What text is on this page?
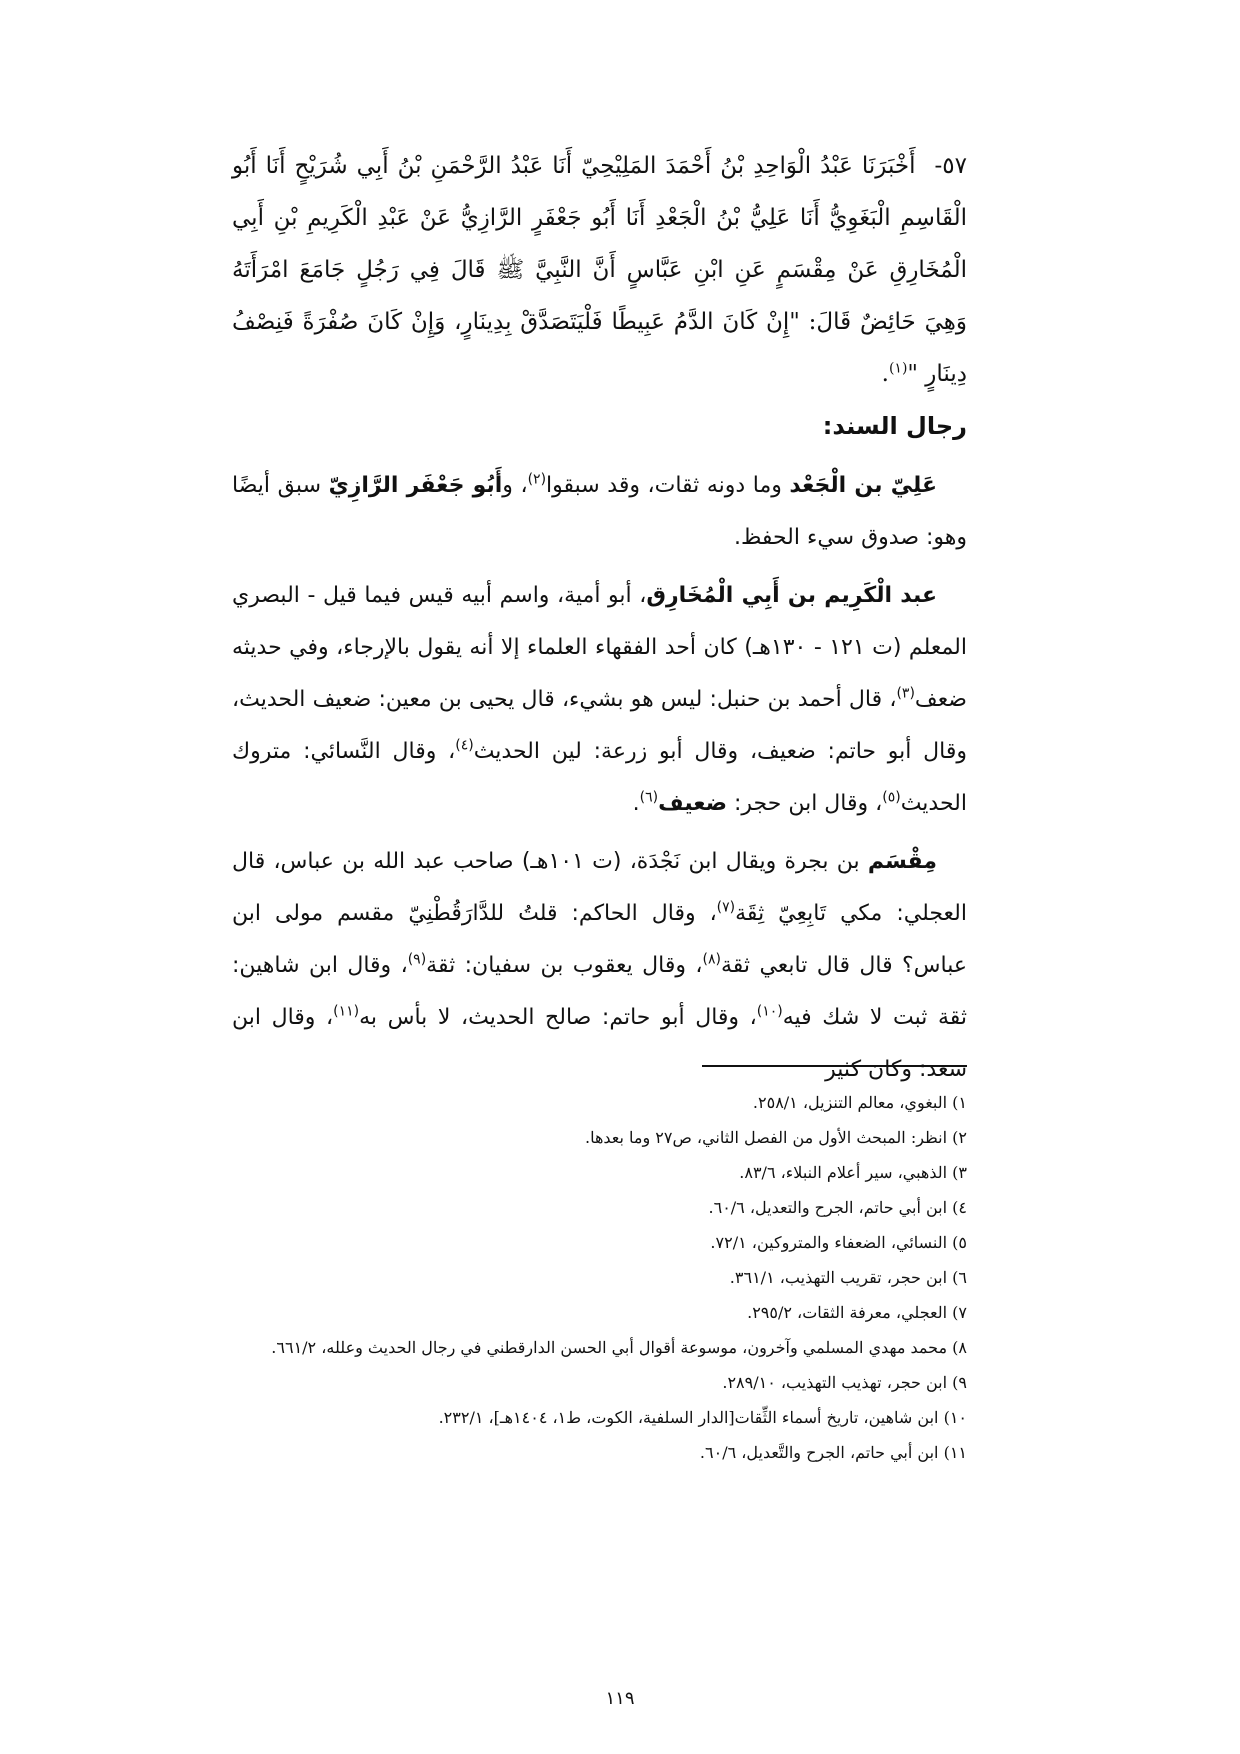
٥٧- أَخْبَرَنَا عَبْدُ الْوَاحِدِ بْنُ أَحْمَدَ المَلِيْحِيّ أَنَا عَبْدُ الرَّحْمَنِ بْنُ أَبِي شُرَيْحٍ أَنَا أَبُو الْقَاسِمِ الْبَغَوِيُّ أَنَا عَلِيُّ بْنُ الْجَعْدِ أَنَا أَبُو جَعْفَرٍ الرَّازِيُّ عَنْ عَبْدِ الْكَرِيمِ بْنِ أَبِي الْمُخَارِقِ عَنْ مِقْسَمٍ عَنِ ابْنِ عَبَّاسٍ أَنَّ النَّبِيَّ ﷺ قَالَ فِي رَجُلٍ جَامَعَ امْرَأَتَهُ وَهِيَ حَائِضٌ قَالَ: "إِنْ كَانَ الدَّمُ عَبِيطًا فَلْيَتَصَدَّقْ بِدِينَارٍ، وَإِنْ كَانَ صُفْرَةً فَنِصْفُ دِينَارٍ "$^{(١)}$.

رجال السند:

عَلِيّ بن الْجَعْد وما دونه ثقات، وقد سبقوا$^{(٢)}$، وأَبُو جَعْفَر الرَّازِيّ سبق أيضًا وهو: صدوق سيء الحفظ.

عبد الْكَرِيم بن أَبِي الْمُخَارِق، أبو أمية، واسم أبيه قيس فيما قيل - البصري المعلم (ت ١٢١ - ١٣٠هـ) كان أحد الفقهاء العلماء إلا أنه يقول بالإرجاء، وفي حديثه ضعف$^{(٣)}$، قال أحمد بن حنبل: ليس هو بشيء، قال يحيى بن معين: ضعيف الحديث، وقال أبو حاتم: ضعيف، وقال أبو زرعة: لين الحديث$^{(٤)}$، وقال النَّسائي: متروك الحديث$^{(٥)}$، وقال ابن حجر: ضعيف$^{(٦)}$.

مِقْسَم بن بجرة ويقال ابن نَجْدَة، (ت ١٠١هـ) صاحب عبد الله بن عباس، قال العجلي: مكي تَابِعِيّ ثِقَة$^{(٧)}$، وقال الحاكم: قلتُ للدَّارَقُطْنِيّ مقسم مولى ابن عباس؟ قال قال تابعي ثقة$^{(٨)}$، وقال يعقوب بن سفيان: ثقة$^{(٩)}$، وقال ابن شاهين: ثقة ثبت لا شك فيه$^{(١٠)}$، وقال أبو حاتم: صالح الحديث، لا بأس به$^{(١١)}$، وقال ابن سعد: وكان كثير

١) البغوي، معالم التنزيل، ٢٥٨/١.
٢) انظر: المبحث الأول من الفصل الثاني، ص٢٧ وما بعدها.
٣) الذهبي، سير أعلام النبلاء، ٨٣/٦.
٤) ابن أبي حاتم، الجرح والتعديل، ٦٠/٦.
٥) النسائي، الضعفاء والمتروكين، ٧٢/١.
٦) ابن حجر، تقريب التهذيب، ٣٦١/١.
٧) العجلي، معرفة الثقات، ٢٩٥/٢.
٨) محمد مهدي المسلمي وآخرون، موسوعة أقوال أبي الحسن الدارقطني في رجال الحديث وعلله، ٦٦١/٢.
٩) ابن حجر، تهذيب التهذيب، ٢٨٩/١٠.
١٠) ابن شاهين، تاريخ أسماء الثِّقات[الدار السلفية، الكوت، ط١، ١٤٠٤هـ]، ٢٣٢/١.
١١) ابن أبي حاتم، الجرح والتَّعديل، ٦٠/٦.
١١٩
